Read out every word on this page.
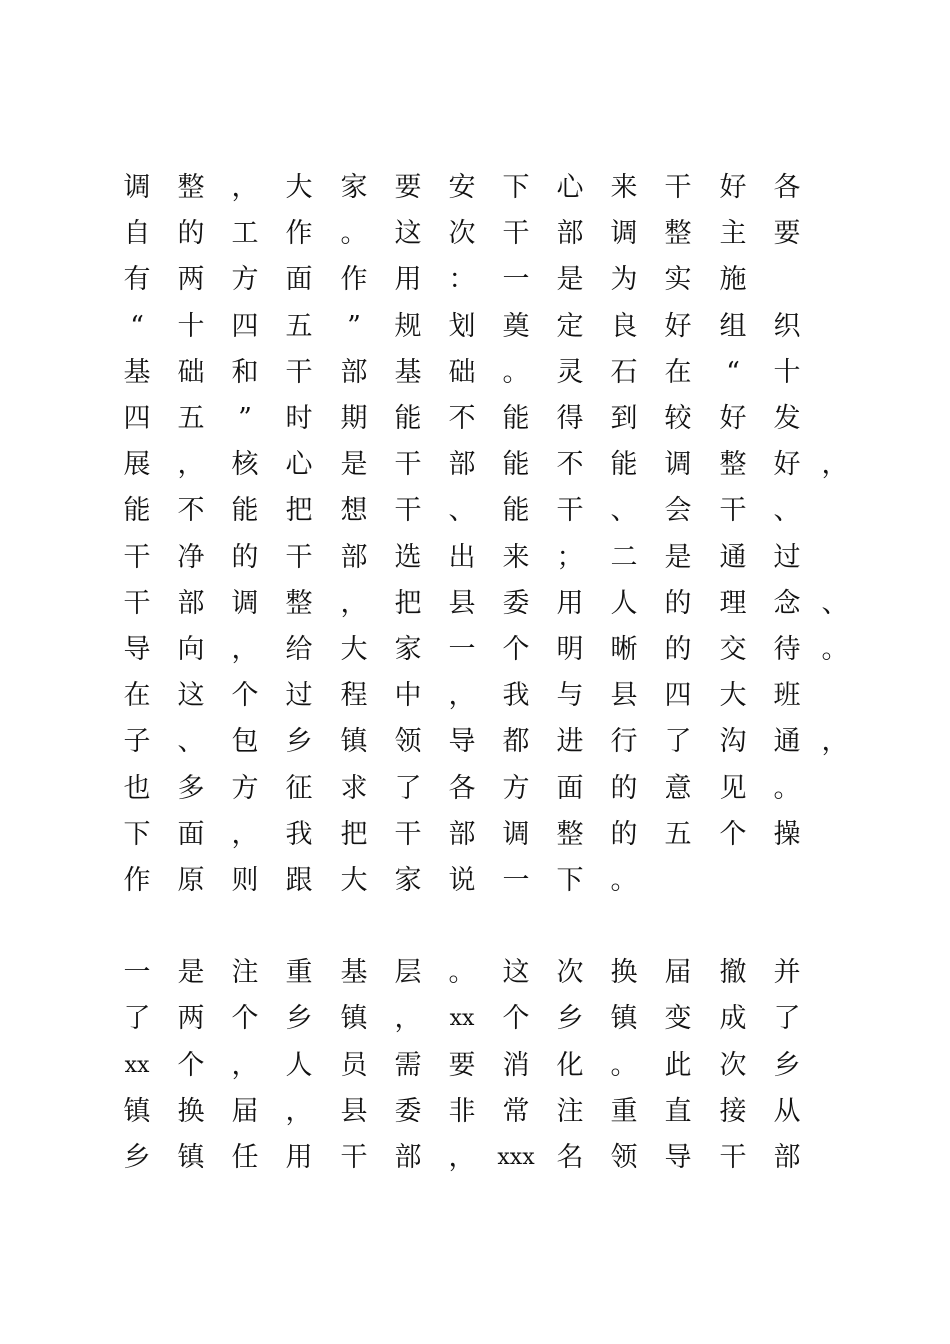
调 整 ， 大 家 要 安 下 心 来 干 好 各
自 的 工 作 。 这 次 干 部 调 整 主 要
有 两 方 面 作 用 ： 一 是 为 实 施
“	十 四 五	”	规 划 奠 定 良 好 组 织
基 础 和 干 部 基 础 。 灵 石 在	“	十
四 五	”	时 期 能 不 能 得 到 较 好 发
展 ， 核 心 是 干 部 能 不 能 调 整 好 ，
能 不 能 把 想 干 、 能 干 、 会 干 、
干 净 的 干 部 选 出 来 ； 二 是 通 过
干 部 调 整 ， 把 县 委 用 人 的 理 念 、
导 向 ， 给 大 家 一 个 明 晰 的 交 待 。
在 这 个 过 程 中 ， 我 与 县 四 大 班
子 、 包 乡 镇 领 导 都 进 行 了 沟 通 ，
也 多 方 征 求 了 各 方 面 的 意 见 。
下 面 ， 我 把 干 部 调 整 的 五 个 操
作 原 则 跟 大 家 说 一 下 。
一 是 注 重 基 层 。 这 次 换 届 撤 并
了 两 个 乡 镇 ，	xx	个 乡 镇 变 成 了
xx	个 ， 人 员 需 要 消 化 。 此 次 乡
镇 换 届 ， 县 委 非 常 注 重 直 接 从
乡 镇 任 用 干 部 ， xxx 名 领 导 干 部
